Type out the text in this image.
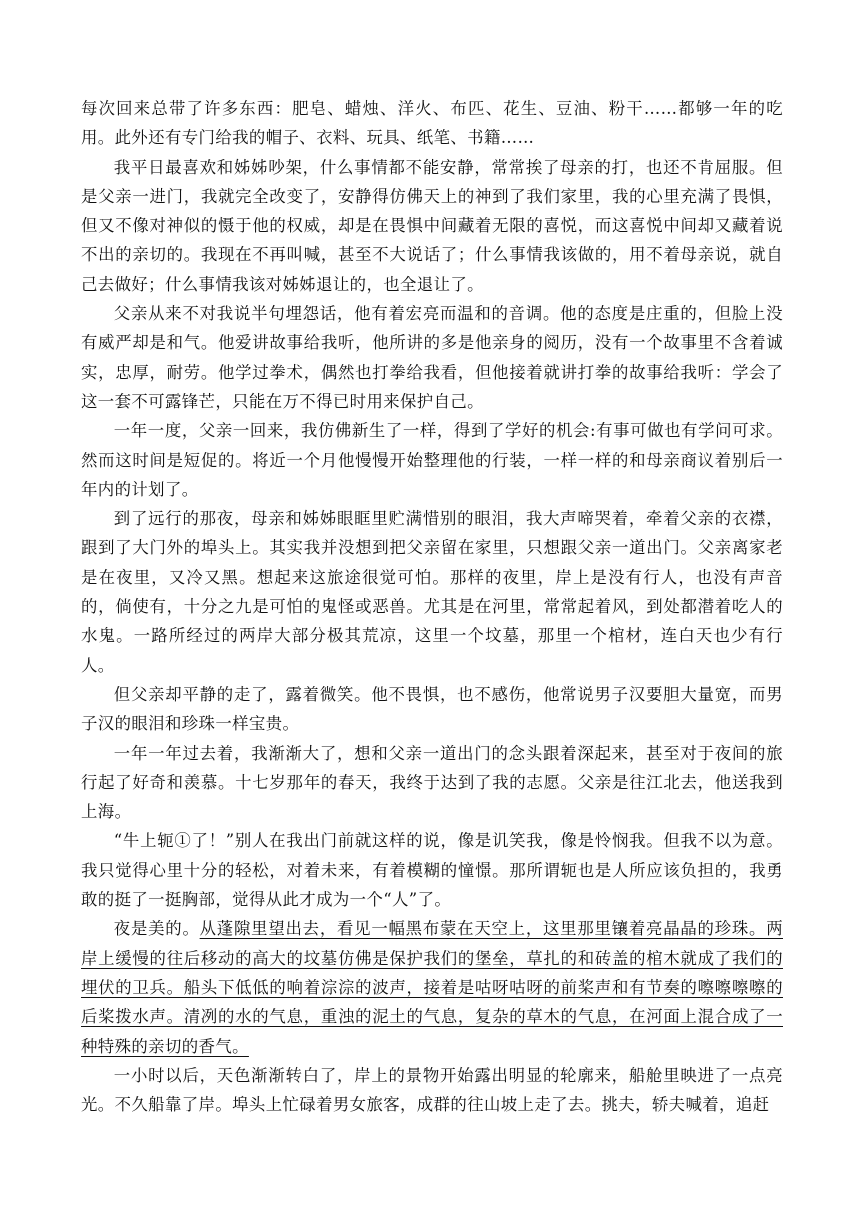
每次回来总带了许多东西：肥皂、蜡烛、洋火、布匹、花生、豆油、粉干……都够一年的吃用。此外还有专门给我的帽子、衣料、玩具、纸笔、书籍……

我平日最喜欢和姊姊吵架，什么事情都不能安静，常常挨了母亲的打，也还不肯屈服。但是父亲一进门，我就完全改变了，安静得仿佛天上的神到了我们家里，我的心里充满了畏惧，但又不像对神似的慑于他的权威，却是在畏惧中间藏着无限的喜悦，而这喜悦中间却又藏着说不出的亲切的。我现在不再叫喊，甚至不大说话了；什么事情我该做的，用不着母亲说，就自己去做好；什么事情我该对姊姊退让的，也全退让了。

父亲从来不对我说半句埋怨话，他有着宏亮而温和的音调。他的态度是庄重的，但脸上没有威严却是和气。他爱讲故事给我听，他所讲的多是他亲身的阅历，没有一个故事里不含着诚实，忠厚，耐劳。他学过拳术，偶然也打拳给我看，但他接着就讲打拳的故事给我听：学会了这一套不可露锋芒，只能在万不得已时用来保护自己。

一年一度，父亲一回来，我仿佛新生了一样，得到了学好的机会:有事可做也有学问可求。然而这时间是短促的。将近一个月他慢慢开始整理他的行装，一样一样的和母亲商议着别后一年内的计划了。

到了远行的那夜，母亲和姊姊眼眶里贮满惜别的眼泪，我大声啼哭着，牵着父亲的衣襟，跟到了大门外的埠头上。其实我并没想到把父亲留在家里，只想跟父亲一道出门。父亲离家老是在夜里，又冷又黑。想起来这旅途很觉可怕。那样的夜里，岸上是没有行人，也没有声音的，倘使有，十分之九是可怕的鬼怪或恶兽。尤其是在河里，常常起着风，到处都潜着吃人的水鬼。一路所经过的两岸大部分极其荒凉，这里一个坟墓，那里一个棺材，连白天也少有行人。

但父亲却平静的走了，露着微笑。他不畏惧，也不感伤，他常说男子汉要胆大量宽，而男子汉的眼泪和珍珠一样宝贵。

一年一年过去着，我渐渐大了，想和父亲一道出门的念头跟着深起来，甚至对于夜间的旅行起了好奇和羡慕。十七岁那年的春天，我终于达到了我的志愿。父亲是往江北去，他送我到上海。

“牛上轭①了！”别人在我出门前就这样的说，像是讥笑我，像是怜悯我。但我不以为意。我只觉得心里十分的轻松，对着未来，有着模糊的憧憬。那所谓轭也是人所应该负担的，我勇敢的挺了一挺胸部，觉得从此才成为一个“人”了。

夜是美的。从蓬隙里望出去，看见一幅黑布蒙在天空上，这里那里镶着亮晶晶的珍珠。两岸上缓慢的往后移动的高大的坟墓仿佛是保护我们的堡垒，草扎的和砖盖的棺木就成了我们的埋伏的卫兵。船头下低低的响着淙淙的波声，接着是咕呀咕呀的前桨声和有节奏的嚓嚓嚓嚓的后桨拨水声。清冽的水的气息，重浊的泥土的气息，复杂的草木的气息，在河面上混合成了一种特殊的亲切的香气。

一小时以后，天色渐渐转白了，岸上的景物开始露出明显的轮廓来，船舱里映进了一点亮光。不久船靠了岸。埠头上忙碌着男女旅客，成群的往山坡上走了去。挑夫，轿夫喊着，追赶
